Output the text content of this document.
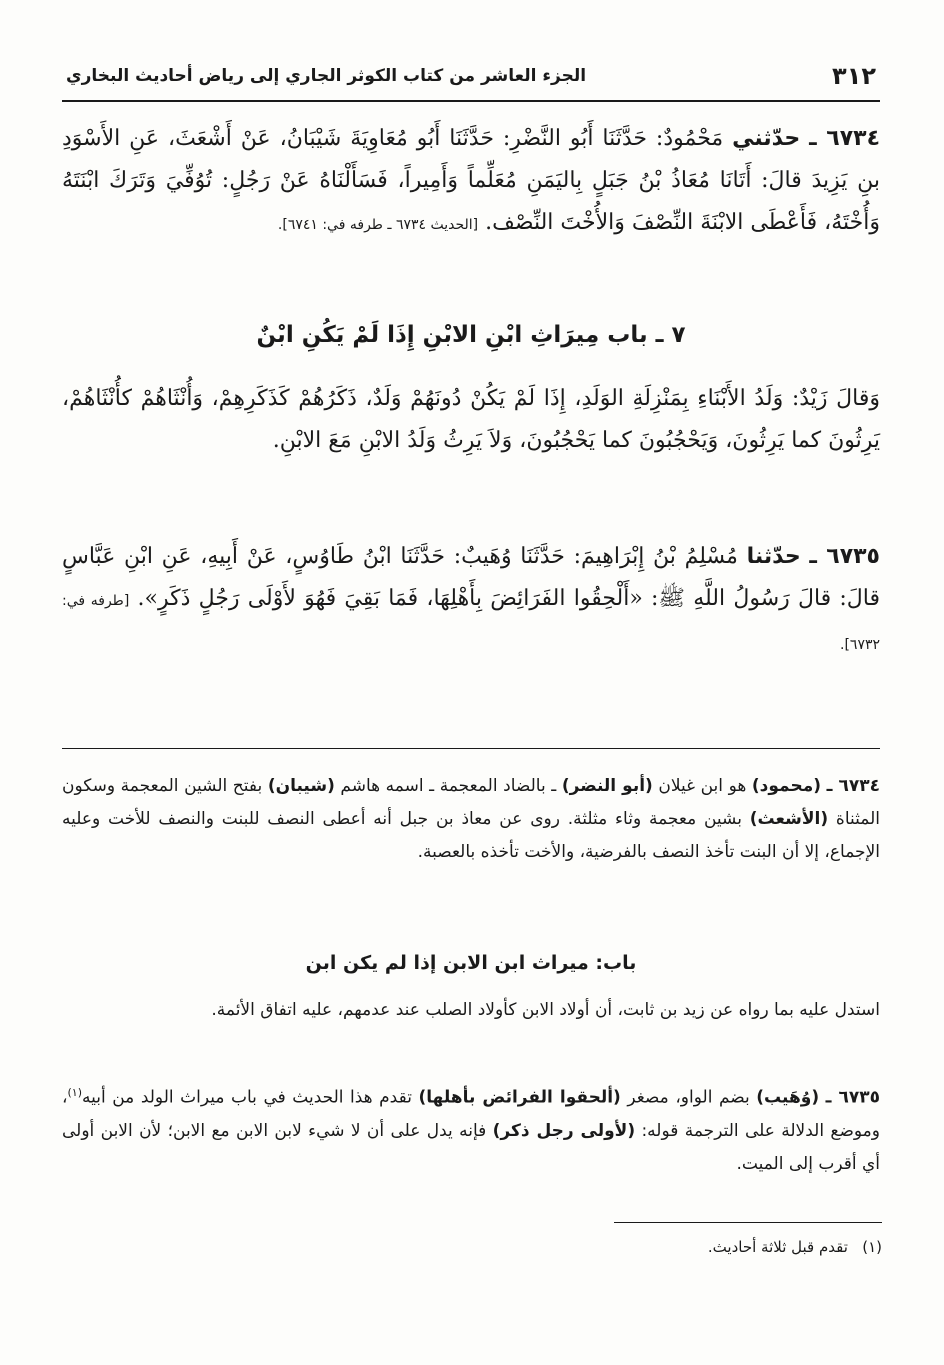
٣١٢
الجزء العاشر من كتاب الكوثر الجاري إلى رياض أحاديث البخاري

٦٧٣٤ ـ حدّثني مَحْمُودٌ: حَدَّثَنَا أَبُو النَّضْرِ: حَدَّثَنَا أَبُو مُعَاوِيَةَ شَيْبَانُ، عَنْ أَشْعَثَ، عَنِ الأَسْوَدِ بنِ يَزِيدَ قالَ: أَتَانَا مُعَاذُ بْنُ جَبَلٍ بِاليَمَنِ مُعَلِّماً وَأَمِيراً، فَسَأَلْنَاهُ عَنْ رَجُلٍ: تُوُفِّيَ وَتَرَكَ ابْنَتَهُ وَأُخْتَهُ، فَأَعْطَى الابْنَةَ النِّصْفَ وَالأُخْتَ النِّصْف. [الحديث ٦٧٣٤ ـ طرفه في: ٦٧٤١].

٧ ـ باب مِيرَاثِ ابْنِ الابْنِ إِذَا لَمْ يَكُنِ ابْنٌ

وَقالَ زَيْدٌ: وَلَدُ الأَبْنَاءِ بِمَنْزِلَةِ الوَلَدِ، إِذَا لَمْ يَكُنْ دُونَهُمْ وَلَدٌ، ذَكَرُهُمْ كَذَكَرِهِمْ، وَأُنْثَاهُمْ كأُنْثَاهُمْ، يَرِثُونَ كما يَرِثُونَ، وَيَحْجُبُونَ كما يَحْجُبُونَ، وَلاَ يَرِثُ وَلَدُ الابْنِ مَعَ الابْنِ.

٦٧٣٥ ـ حدّثنا مُسْلِمُ بْنُ إِبْرَاهِيمَ: حَدَّثَنَا وُهَيبٌ: حَدَّثَنَا ابْنُ طَاوُسٍ، عَنْ أَبِيهِ، عَنِ ابْنِ عَبَّاسٍ قالَ: قالَ رَسُولُ اللَّهِ ﷺ: «أَلْحِقُوا الفَرَائِضَ بِأَهْلِهَا، فَمَا بَقِيَ فَهُوَ لأَوْلَى رَجُلٍ ذَكَرٍ». [طرفه في: ٦٧٣٢].

٦٧٣٤ ـ (محمود) هو ابن غيلان (أبو النضر) ـ بالضاد المعجمة ـ اسمه هاشم (شيبان) بفتح الشين المعجمة وسكون المثناة (الأشعث) بشين معجمة وثاء مثلثة. روى عن معاذ بن جبل أنه أعطى النصف للبنت والنصف للأخت وعليه الإجماع، إلا أن البنت تأخذ النصف بالفرضية، والأخت تأخذه بالعصبة.

باب: ميراث ابن الابن إذا لم يكن ابن

استدل عليه بما رواه عن زيد بن ثابت، أن أولاد الابن كأولاد الصلب عند عدمهم، عليه اتفاق الأئمة.

٦٧٣٥ ـ (وُهَيب) بضم الواو، مصغر (ألحقوا الفرائض بأهلها) تقدم هذا الحديث في باب ميراث الولد من أبيه$^{(١)}$، وموضع الدلالة على الترجمة قوله: (لأولى رجل ذكر) فإنه يدل على أن لا شيء لابن الابن مع الابن؛ لأن الابن أولى أي أقرب إلى الميت.

(١)   تقدم قبل ثلاثة أحاديث.
